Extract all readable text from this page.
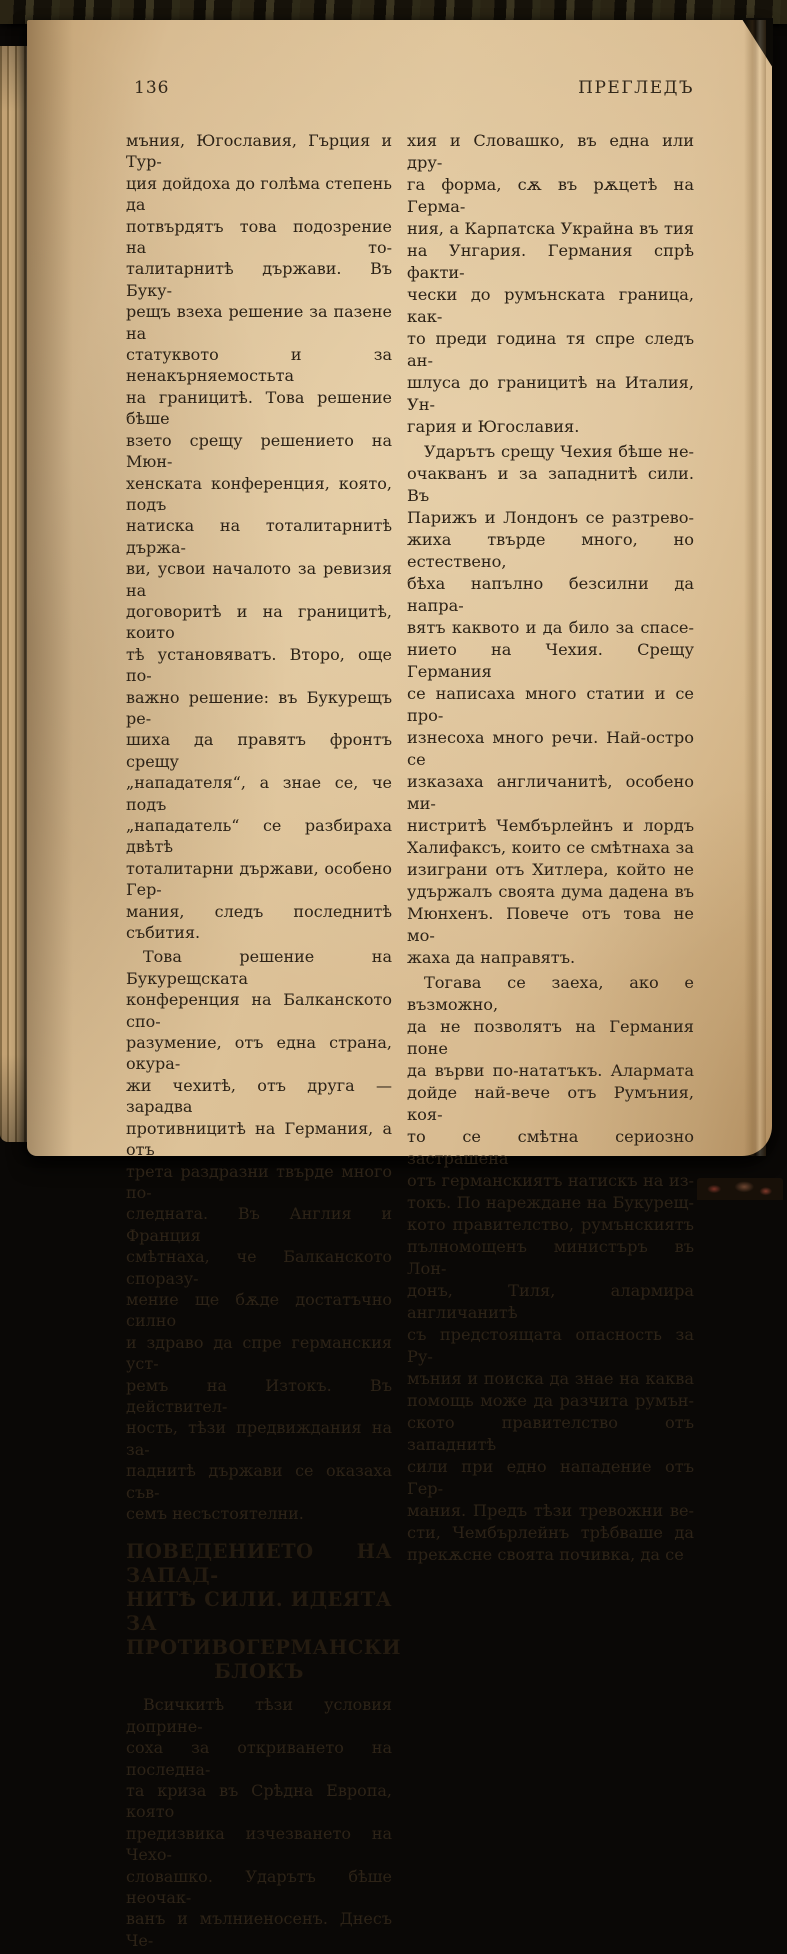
136	ПРЕГЛЕДЪ

мъния, Югославия, Гърция и Тур-
ция дойдоха до голѣма степень да
потвърдятъ това подозрение на то-
талитарнитѣ държави. Въ Буку-
рещъ взеха решение за пазене на
статуквото и за ненакърняемостьта
на границитѣ. Това решение бѣше
взето срещу решението на Мюн-
хенската конференция, която, подъ
натиска на тоталитарнитѣ държа-
ви, усвои началото за ревизия на
договоритѣ и на границитѣ, които
тѣ установяватъ. Второ, още по-
важно решение: въ Букурещъ ре-
шиха да правятъ фронтъ срещу
„нападателя“, а знае се, че подъ
„нападатель“ се разбираха двѣтѣ
тоталитарни държави, особено Гер-
мания, следъ последнитѣ събития.

Това решение на Букурещската
конференция на Балканското спо-
разумение, отъ една страна, окура-
жи чехитѣ, отъ друга — зарадва
противницитѣ на Германия, а отъ
трета раздразни твърде много по-
следната. Въ Англия и Франция
смѣтнаха, че Балканското споразу-
мение ще бѫде достатъчно силно
и здраво да спре германския уст-
ремъ на Изтокъ. Въ действител-
ность, тѣзи предвиждания на за-
паднитѣ държави се оказаха съв-
семъ несъстоятелни.

ПОВЕДЕНИЕТО НА ЗАПАД-
НИТѢ СИЛИ. ИДЕЯТА ЗА
ПРОТИВОГЕРМАНСКИ
БЛОКЪ

Всичкитѣ тѣзи условия доприне-
соха за откриването на последна-
та криза въ Срѣдна Европа, която
предизвика изчезването на Чехо-
словашко. Ударътъ бѣше неочак-
ванъ и мълниеносенъ. Днесъ Че-

хия и Словашко, въ една или дру-
га форма, сѫ въ рѫцетѣ на Герма-
ния, а Карпатска Украйна въ тия
на Унгария. Германия спрѣ факти-
чески до румънската граница, как-
то преди година тя спре следъ ан-
шлуса до границитѣ на Италия, Ун-
гария и Югославия.

Ударътъ срещу Чехия бѣше не-
очакванъ и за западнитѣ сили. Въ
Парижъ и Лондонъ се разтрево-
жиха твърде много, но естествено,
бѣха напълно безсилни да напра-
вятъ каквото и да било за спасе-
нието на Чехия. Срещу Германия
се написаха много статии и се про-
изнесоха много речи. Най-остро се
изказаха англичанитѣ, особено ми-
нистритѣ Чембърлейнъ и лордъ
Халифаксъ, които се смѣтнаха за
изиграни отъ Хитлера, който не
удържалъ своята дума дадена въ
Мюнхенъ. Повече отъ това не мо-
жаха да направятъ.

Тогава се заеха, ако е възможно,
да не позволятъ на Германия поне
да върви по-нататъкъ. Алармата
дойде най-вече отъ Румъния, коя-
то се смѣтна сериозно застрашена
отъ германскиятъ натискъ на из-
токъ. По нареждане на Букурещ-
кото правителство, румънскиятъ
пълномощенъ министъръ въ Лон-
донъ, Тиля, алармира англичанитѣ
съ предстоящата опасность за Ру-
мъния и поиска да знае на каква
помощь може да разчита румън-
ското правителство отъ западнитѣ
сили при едно нападение отъ Гер-
мания. Предъ тѣзи тревожни ве-
сти, Чембърлейнъ трѣбваше да
прекѫсне своята почивка, да се
